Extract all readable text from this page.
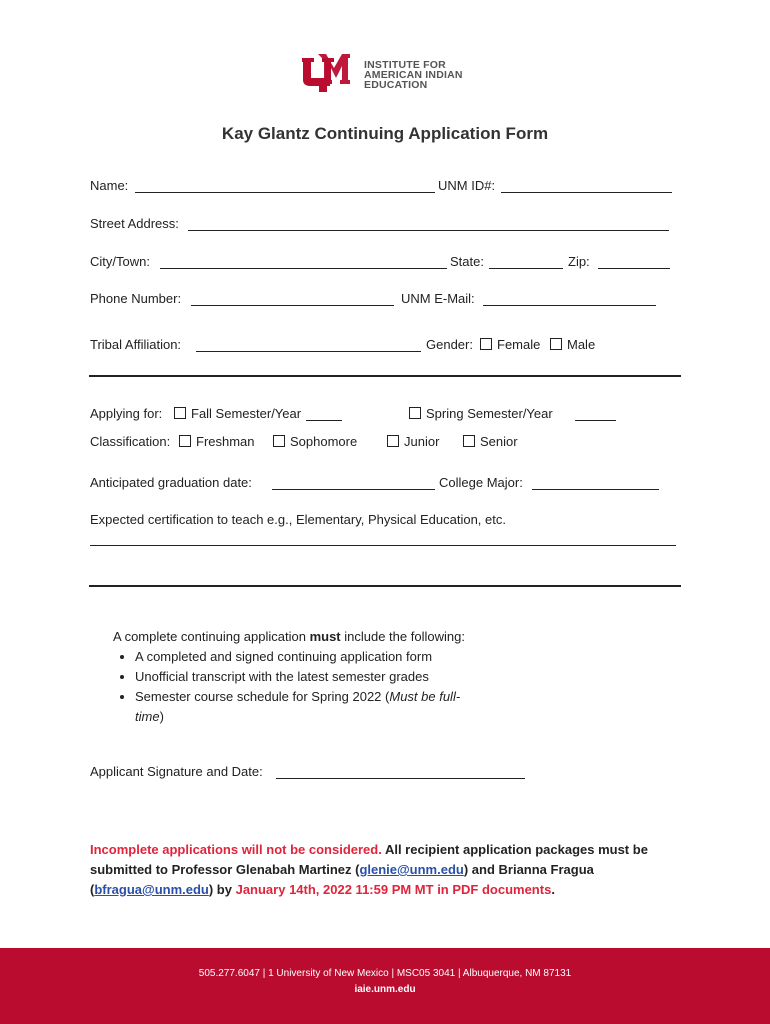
INSTITUTE FOR
AMERICAN INDIAN
EDUCATION
Kay Glantz Continuing Application Form
Name:	UNM ID#:
Street Address:
City/Town:	State:	Zip:
Phone Number:	UNM E-Mail:
Tribal Affiliation:	Gender:	Female	Male
Applying for:	Fall Semester/Year	Spring Semester/Year
Classification:	Freshman	Sophomore	Junior	Senior
Anticipated graduation date:	College Major:
Expected certification to teach e.g., Elementary, Physical Education, etc.
A complete continuing application must include the following:
• A completed and signed continuing application form
• Unofficial transcript with the latest semester grades
• Semester course schedule for Spring 2022 (Must be full-time)
Applicant Signature and Date:
Incomplete applications will not be considered. All recipient application packages must be submitted to Professor Glenabah Martinez (glenie@unm.edu) and Brianna Fragua (bfragua@unm.edu) by January 14th, 2022 11:59 PM MT in PDF documents.
505.277.6047 | 1 University of New Mexico | MSC05 3041 | Albuquerque, NM 87131
iaie.unm.edu
